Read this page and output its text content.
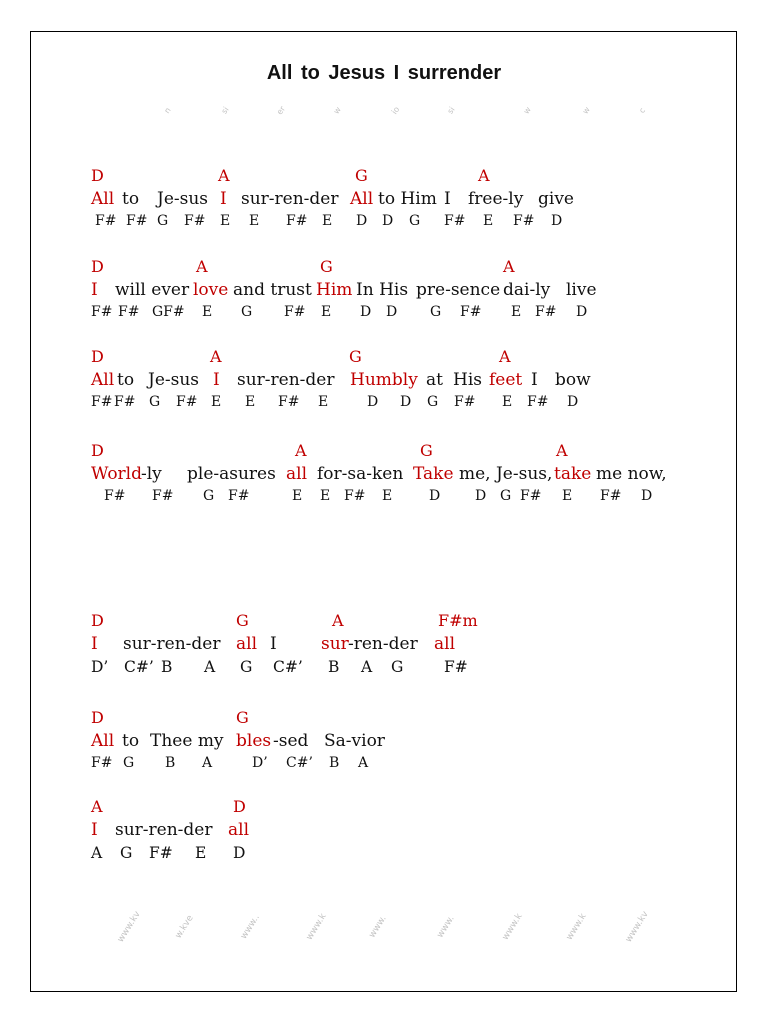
All to Jesus I surrender
n	si	er	w	io	si	w	w	c
www.kv	w.kve	www..	www.k	www.	www.	www.k	www.k	www.kv
D	A	G	A
All to Je-sus I sur-ren-der All to Him I free-ly give
F# F# G F# E E F# E D D G F# E F# D
D	A	G	A
I will ever love and trust Him In His pre-sence dai-ly live
F# F# GF# E G F# E D D G F# E F# D
D	A	G	A
All to Je-sus I sur-ren-der Humbly at His feet I bow
F# F# G F# E E F# E	D D G F# E F# D
D	A	G	A
World -ly ple-asures all for-sa-ken Take me, Je-sus, take me now,
F# F# G F#	E E F# E	D D G F# E F# D
D	G	A	F#m
I sur-ren-der all I	sur -ren-der all
D’ C#’ B A G C#’ B A G	F#
D	G
All to Thee my bles -sed Sa-vior
F# G B A	D’ C#’ B A
A	D
I sur-ren-der all
A G F# E D
